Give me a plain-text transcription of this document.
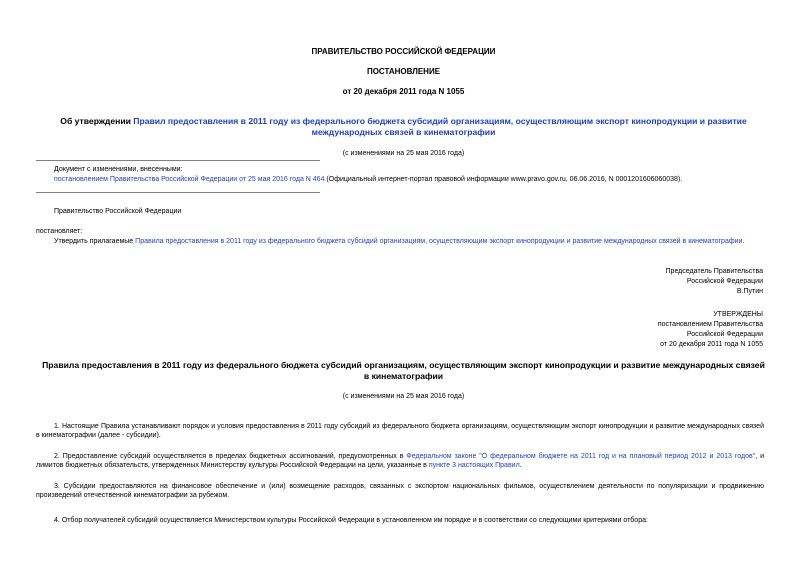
ПРАВИТЕЛЬСТВО РОССИЙСКОЙ ФЕДЕРАЦИИ
ПОСТАНОВЛЕНИЕ
от 20 декабря 2011 года N 1055
Об утверждении Правил предоставления в 2011 году из федерального бюджета субсидий организациям, осуществляющим экспорт кинопродукции и развитие международных связей в кинематографии
(с изменениями на 25 мая 2016 года)
Документ с изменениями, внесенными:
постановлением Правительства Российской Федерации от 25 мая 2016 года N 464 (Официальный интернет-портал правовой информации www.pravo.gov.ru, 06.06.2016, N 0001201606060038).
Правительство Российской Федерации
постановляет:
Утвердить прилагаемые Правила предоставления в 2011 году из федерального бюджета субсидий организациям, осуществляющим экспорт кинопродукции и развитие международных связей в кинематографии.
Председатель Правительства
Российской Федерации
В.Путин
УТВЕРЖДЕНЫ
постановлением Правительства
Российской Федерации
от 20 декабря 2011 года N 1055
Правила предоставления в 2011 году из федерального бюджета субсидий организациям, осуществляющим экспорт кинопродукции и развитие международных связей в кинематографии
(с изменениями на 25 мая 2016 года)
1. Настоящие Правила устанавливают порядок и условия предоставления в 2011 году субсидий из федерального бюджета организациям, осуществляющим экспорт кинопродукции и развитие международных связей в кинематографии (далее - субсидии).
2. Предоставление субсидий осуществляется в пределах бюджетных ассигнований, предусмотренных в Федеральном законе "О федеральном бюджете на 2011 год и на плановый период 2012 и 2013 годов", и лимитов бюджетных обязательств, утвержденных Министерству культуры Российской Федерации на цели, указанные в пункте 3 настоящих Правил.
3. Субсидии предоставляются на финансовое обеспечение и (или) возмещение расходов, связанных с экспортом национальных фильмов, осуществлением деятельности по популяризации и продвижению произведений отечественной кинематографии за рубежом.
4. Отбор получателей субсидий осуществляется Министерством культуры Российской Федерации в установленном им порядке и в соответствии со следующими критериями отбора:
